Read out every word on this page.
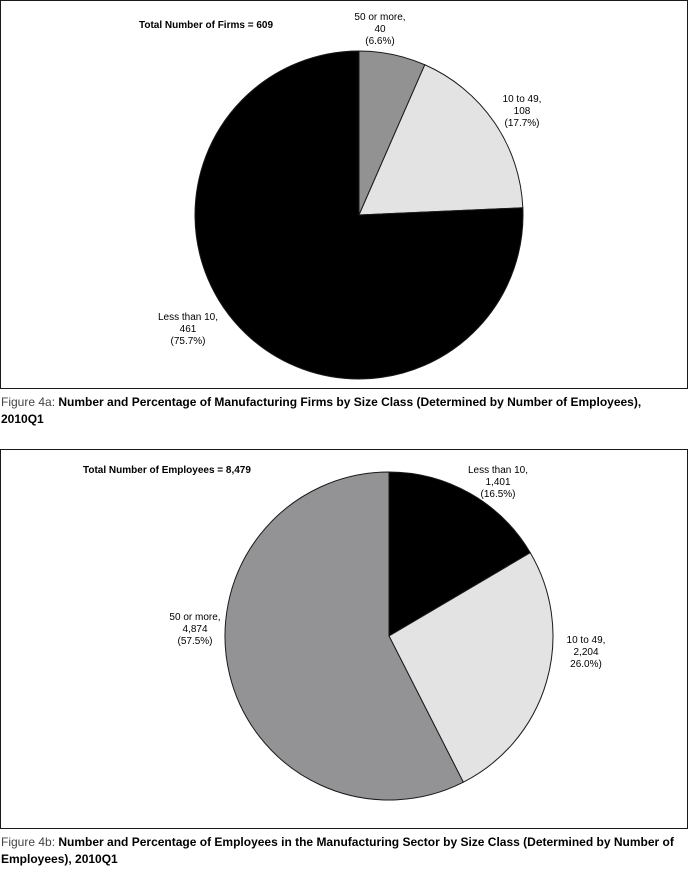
Total Number of Firms = 609
50 or more, 40 (6.6%)
10 to 49, 108 (17.7%)
Less than 10, 461 (75.7%)
Figure 4a: Number and Percentage of Manufacturing Firms by Size Class (Determined by Number of Employees), 2010Q1
Total Number of Employees = 8,479	Less than 10, 1,401 (16.5%)
10 to 49, 2,204 26.0%)
50 or more, 4,874 (57.5%)
Figure 4b: Number and Percentage of Employees in the Manufacturing Sector by Size Class (Determined by Number of Employees), 2010Q1
